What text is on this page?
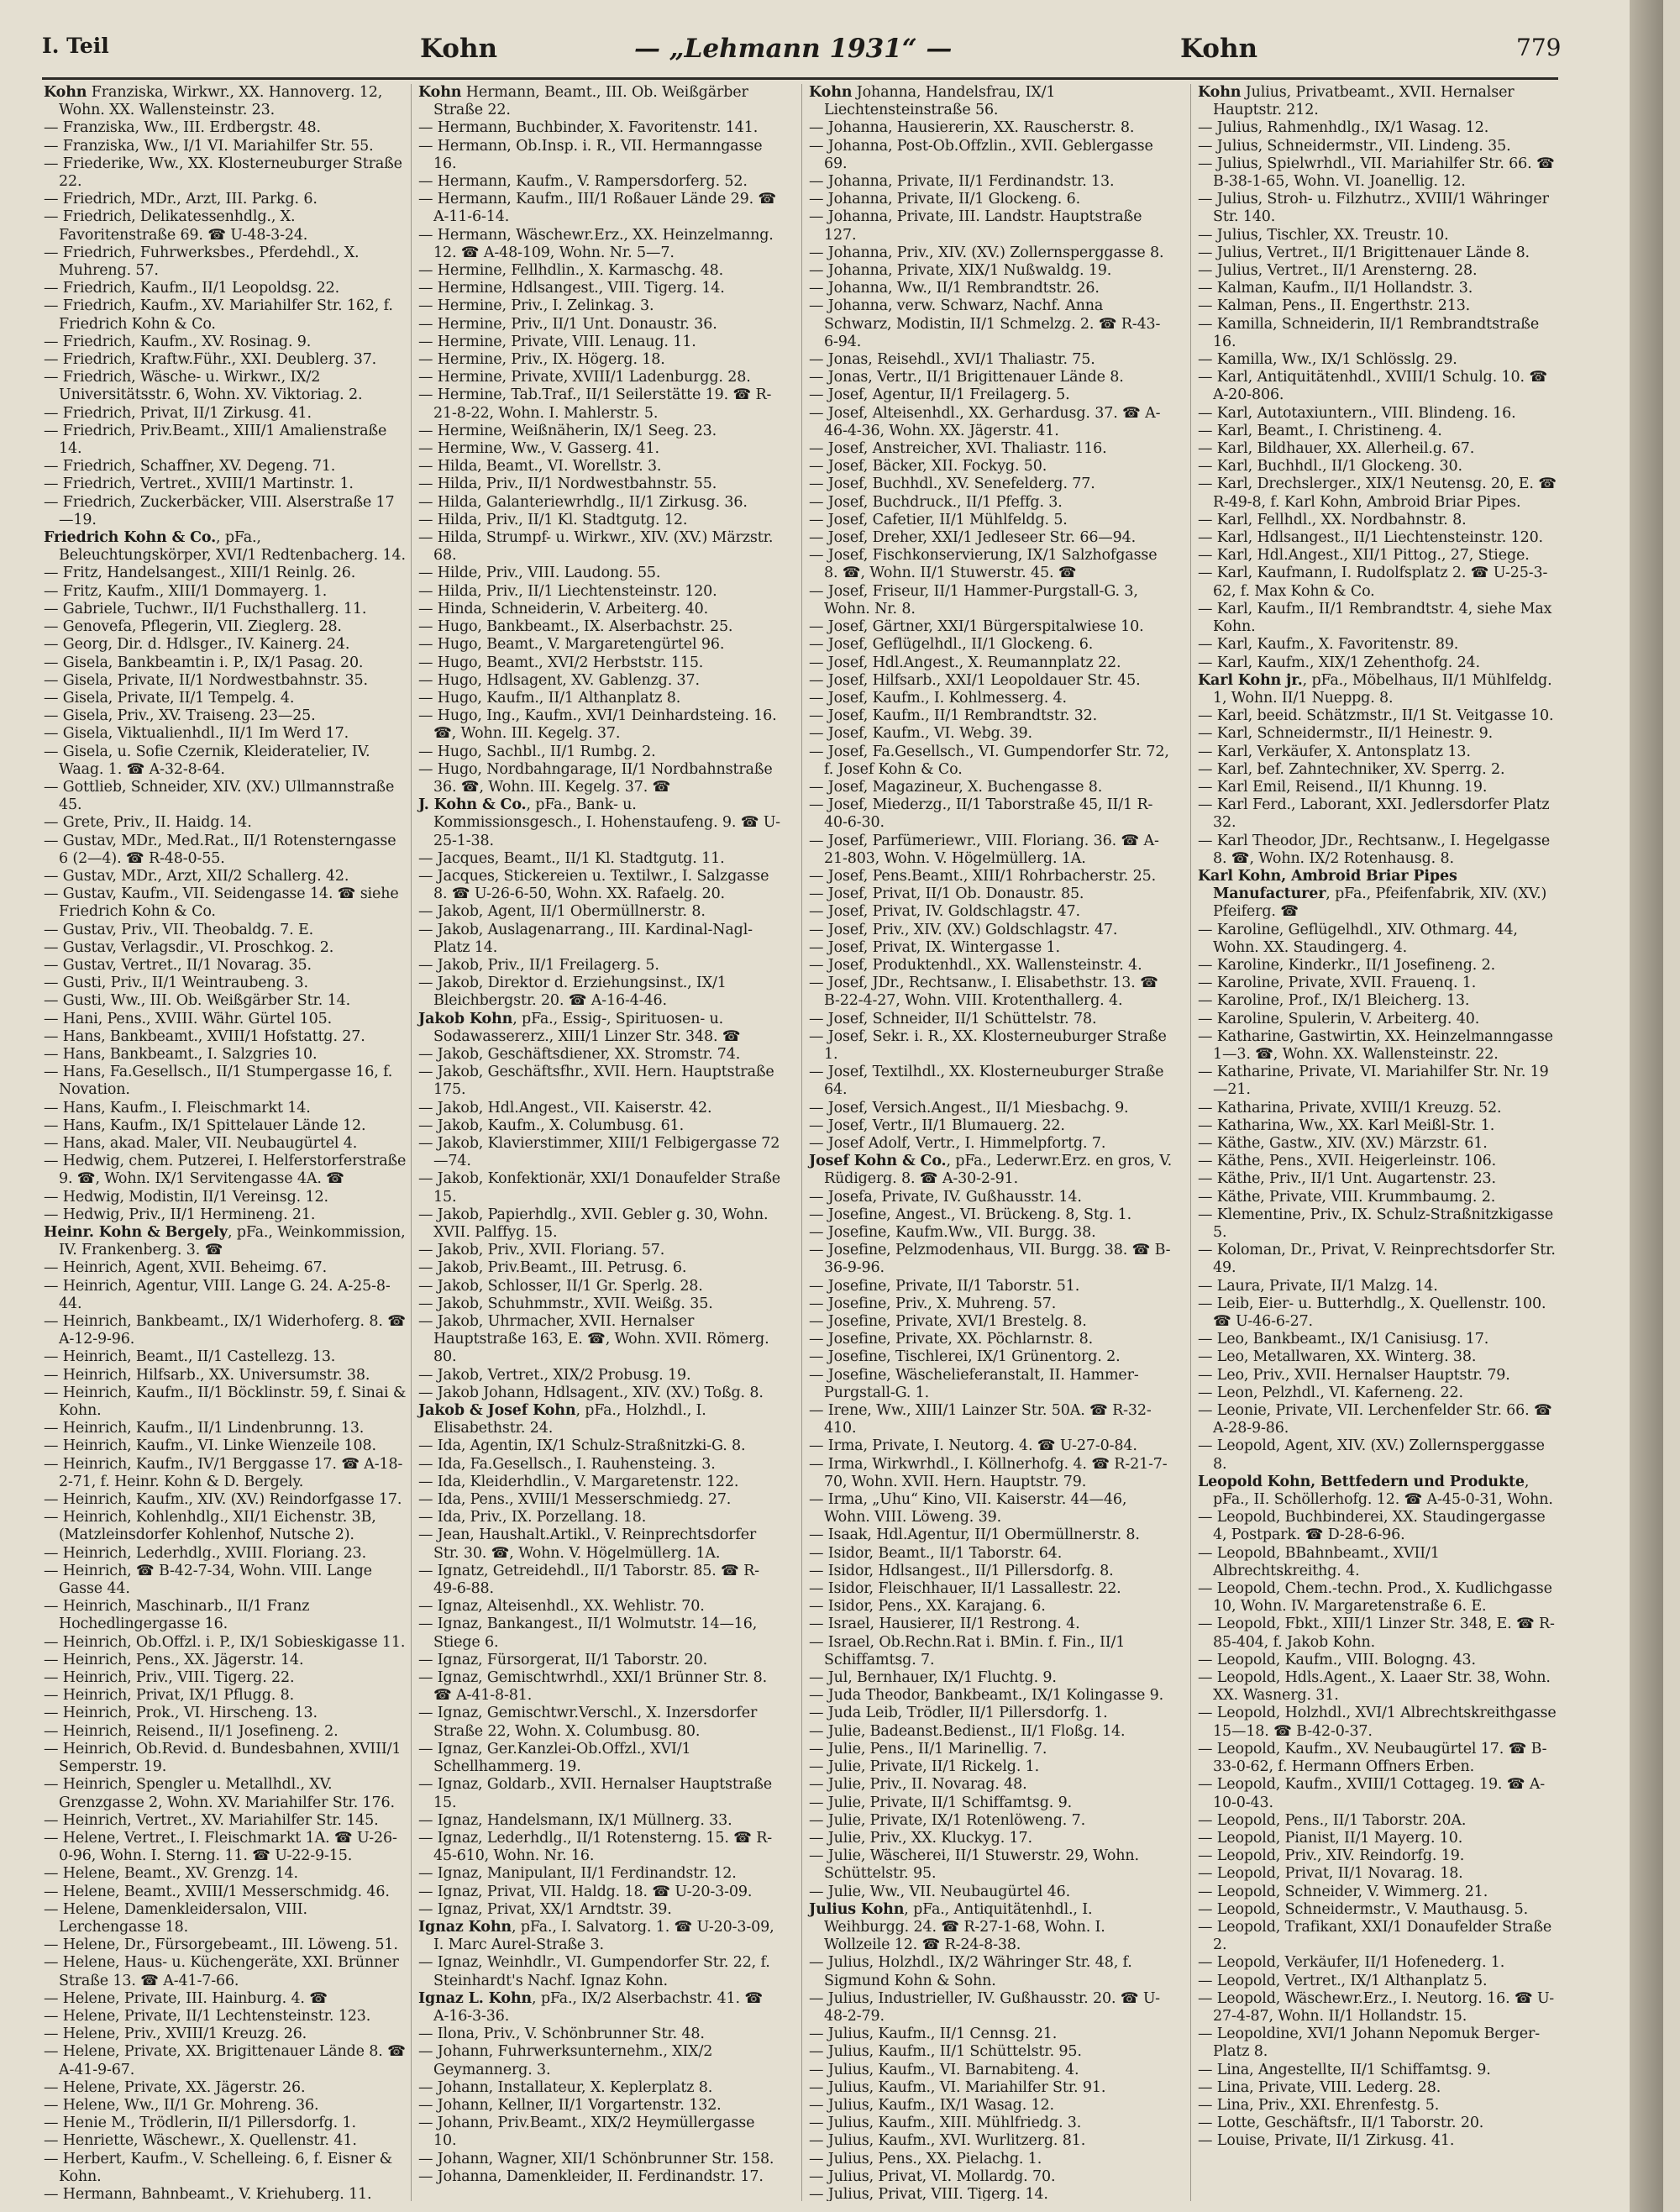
I. Teil	Kohn	— „Lehmann 1931“ —	Kohn	779

Kohn Franziska, Wirkwr., XX. Hannoverg. 12, Wohn. XX. Wallensteinstr. 23.

— Franziska, Ww., III. Erdbergstr. 48.

— Franziska, Ww., I/1 VI. Mariahilfer Str. 55.

— Friederike, Ww., XX. Klosterneuburger Straße 22.

— Friedrich, MDr., Arzt, III. Parkg. 6.

— Friedrich, Delikatessenhdlg., X. Favoritenstraße 69. ☎ U-48-3-24.

— Friedrich, Fuhrwerksbes., Pferdehdl., X. Muhreng. 57.

— Friedrich, Kaufm., II/1 Leopoldsg. 22.

— Friedrich, Kaufm., XV. Mariahilfer Str. 162, f. Friedrich Kohn & Co.

— Friedrich, Kaufm., XV. Rosinag. 9.

— Friedrich, Kraftw.Führ., XXI. Deublerg. 37.

— Friedrich, Wäsche- u. Wirkwr., IX/2 Universitätsstr. 6, Wohn. XV. Viktoriag. 2.

— Friedrich, Privat, II/1 Zirkusg. 41.

— Friedrich, Priv.Beamt., XIII/1 Amalienstraße 14.

— Friedrich, Schaffner, XV. Degeng. 71.

— Friedrich, Vertret., XVIII/1 Martinstr. 1.

— Friedrich, Zuckerbäcker, VIII. Alserstraße 17—19.

Friedrich Kohn & Co., pFa., Beleuchtungskörper, XVI/1 Redtenbacherg. 14.

— Fritz, Handelsangest., XIII/1 Reinlg. 26.

— Fritz, Kaufm., XIII/1 Dommayerg. 1.

— Gabriele, Tuchwr., II/1 Fuchsthallerg. 11.

— Genovefa, Pflegerin, VII. Zieglerg. 28.

— Georg, Dir. d. Hdlsger., IV. Kainerg. 24.

— Gisela, Bankbeamtin i. P., IX/1 Pasag. 20.

— Gisela, Private, II/1 Nordwestbahnstr. 35.

— Gisela, Private, II/1 Tempelg. 4.

— Gisela, Priv., XV. Traiseng. 23—25.

— Gisela, Viktualienhdl., II/1 Im Werd 17.

— Gisela, u. Sofie Czernik, Kleideratelier, IV. Waag. 1. ☎ A-32-8-64.

— Gottlieb, Schneider, XIV. (XV.) Ullmannstraße 45.

— Grete, Priv., II. Haidg. 14.

— Gustav, MDr., Med.Rat., II/1 Rotensterngasse 6 (2—4). ☎ R-48-0-55.

— Gustav, MDr., Arzt, XII/2 Schallerg. 42.

— Gustav, Kaufm., VII. Seidengasse 14. ☎ siehe Friedrich Kohn & Co.

— Gustav, Priv., VII. Theobaldg. 7. E.

— Gustav, Verlagsdir., VI. Proschkog. 2.

— Gustav, Vertret., II/1 Novarag. 35.

— Gusti, Priv., II/1 Weintraubeng. 3.

— Gusti, Ww., III. Ob. Weißgärber Str. 14.

— Hani, Pens., XVIII. Währ. Gürtel 105.

— Hans, Bankbeamt., XVIII/1 Hofstattg. 27.

— Hans, Bankbeamt., I. Salzgries 10.

— Hans, Fa.Gesellsch., II/1 Stumpergasse 16, f. Novation.

— Hans, Kaufm., I. Fleischmarkt 14.

— Hans, Kaufm., IX/1 Spittelauer Lände 12.

— Hans, akad. Maler, VII. Neubaugürtel 4.

— Hedwig, chem. Putzerei, I. Helferstorferstraße 9. ☎, Wohn. IX/1 Servitengasse 4A. ☎

— Hedwig, Modistin, II/1 Vereinsg. 12.

— Hedwig, Priv., II/1 Hermineng. 21.

Heinr. Kohn & Bergely, pFa., Weinkommission, IV. Frankenberg. 3. ☎

— Heinrich, Agent, XVII. Beheimg. 67.

— Heinrich, Agentur, VIII. Lange G. 24. A-25-8-44.

— Heinrich, Bankbeamt., IX/1 Widerhoferg. 8. ☎ A-12-9-96.

— Heinrich, Beamt., II/1 Castellezg. 13.

— Heinrich, Hilfsarb., XX. Universumstr. 38.

— Heinrich, Kaufm., II/1 Böcklinstr. 59, f. Sinai & Kohn.

— Heinrich, Kaufm., II/1 Lindenbrunng. 13.

— Heinrich, Kaufm., VI. Linke Wienzeile 108.

— Heinrich, Kaufm., IV/1 Berggasse 17. ☎ A-18-2-71, f. Heinr. Kohn & D. Bergely.

— Heinrich, Kaufm., XIV. (XV.) Reindorfgasse 17.

— Heinrich, Kohlenhdlg., XII/1 Eichenstr. 3B, (Matzleinsdorfer Kohlenhof, Nutsche 2).

— Heinrich, Lederhdlg., XVIII. Floriang. 23.

— Heinrich, ☎ B-42-7-34, Wohn. VIII. Lange Gasse 44.

— Heinrich, Maschinarb., II/1 Franz Hochedlingergasse 16.

— Heinrich, Ob.Offzl. i. P., IX/1 Sobieskigasse 11.

— Heinrich, Pens., XX. Jägerstr. 14.

— Heinrich, Priv., VIII. Tigerg. 22.

— Heinrich, Privat, IX/1 Pflugg. 8.

— Heinrich, Prok., VI. Hirscheng. 13.

— Heinrich, Reisend., II/1 Josefineng. 2.

— Heinrich, Ob.Revid. d. Bundesbahnen, XVIII/1 Semperstr. 19.

— Heinrich, Spengler u. Metallhdl., XV. Grenzgasse 2, Wohn. XV. Mariahilfer Str. 176.

— Heinrich, Vertret., XV. Mariahilfer Str. 145.

— Helene, Vertret., I. Fleischmarkt 1A. ☎ U-26-0-96, Wohn. I. Sterng. 11. ☎ U-22-9-15.

— Helene, Beamt., XV. Grenzg. 14.

— Helene, Beamt., XVIII/1 Messerschmidg. 46.

— Helene, Damenkleidersalon, VIII. Lerchengasse 18.

— Helene, Dr., Fürsorgebeamt., III. Löweng. 51.

— Helene, Haus- u. Küchengeräte, XXI. Brünner Straße 13. ☎ A-41-7-66.

— Helene, Private, III. Hainburg. 4. ☎

— Helene, Private, II/1 Lechtensteinstr. 123.

— Helene, Priv., XVIII/1 Kreuzg. 26.

— Helene, Private, XX. Brigittenauer Lände 8. ☎ A-41-9-67.

— Helene, Private, XX. Jägerstr. 26.

— Helene, Ww., II/1 Gr. Mohreng. 36.

— Henie M., Trödlerin, II/1 Pillersdorfg. 1.

— Henriette, Wäschewr., X. Quellenstr. 41.

— Herbert, Kaufm., V. Schelleing. 6, f. Eisner & Kohn.

— Hermann, Bahnbeamt., V. Kriehuberg. 11.

Kohn Hermann, Beamt., III. Ob. Weißgärber Straße 22.

— Hermann, Buchbinder, X. Favoritenstr. 141.

— Hermann, Ob.Insp. i. R., VII. Hermanngasse 16.

— Hermann, Kaufm., V. Rampersdorferg. 52.

— Hermann, Kaufm., III/1 Roßauer Lände 29. ☎ A-11-6-14.

— Hermann, Wäschewr.Erz., XX. Heinzelmanng. 12. ☎ A-48-109, Wohn. Nr. 5—7.

— Hermine, Fellhdlin., X. Karmaschg. 48.

— Hermine, Hdlsangest., VIII. Tigerg. 14.

— Hermine, Priv., I. Zelinkag. 3.

— Hermine, Priv., II/1 Unt. Donaustr. 36.

— Hermine, Private, VIII. Lenaug. 11.

— Hermine, Priv., IX. Högerg. 18.

— Hermine, Private, XVIII/1 Ladenburgg. 28.

— Hermine, Tab.Traf., II/1 Seilerstätte 19. ☎ R-21-8-22, Wohn. I. Mahlerstr. 5.

— Hermine, Weißnäherin, IX/1 Seeg. 23.

— Hermine, Ww., V. Gasserg. 41.

— Hilda, Beamt., VI. Worellstr. 3.

— Hilda, Priv., II/1 Nordwestbahnstr. 55.

— Hilda, Galanteriewrhdlg., II/1 Zirkusg. 36.

— Hilda, Priv., II/1 Kl. Stadtgutg. 12.

— Hilda, Strumpf- u. Wirkwr., XIV. (XV.) Märzstr. 68.

— Hilde, Priv., VIII. Laudong. 55.

— Hilda, Priv., II/1 Liechtensteinstr. 120.

— Hinda, Schneiderin, V. Arbeiterg. 40.

— Hugo, Bankbeamt., IX. Alserbachstr. 25.

— Hugo, Beamt., V. Margaretengürtel 96.

— Hugo, Beamt., XVI/2 Herbststr. 115.

— Hugo, Hdlsagent, XV. Gablenzg. 37.

— Hugo, Kaufm., II/1 Althanplatz 8.

— Hugo, Ing., Kaufm., XVI/1 Deinhardsteing. 16. ☎, Wohn. III. Kegelg. 37.

— Hugo, Sachbl., II/1 Rumbg. 2.

— Hugo, Nordbahngarage, II/1 Nordbahnstraße 36. ☎, Wohn. III. Kegelg. 37. ☎

J. Kohn & Co., pFa., Bank- u. Kommissionsgesch., I. Hohenstaufeng. 9. ☎ U-25-1-38.

— Jacques, Beamt., II/1 Kl. Stadtgutg. 11.

— Jacques, Stickereien u. Textilwr., I. Salzgasse 8. ☎ U-26-6-50, Wohn. XX. Rafaelg. 20.

— Jakob, Agent, II/1 Obermüllnerstr. 8.

— Jakob, Auslagenarrang., III. Kardinal-Nagl-Platz 14.

— Jakob, Priv., II/1 Freilagerg. 5.

— Jakob, Direktor d. Erziehungsinst., IX/1 Bleichbergstr. 20. ☎ A-16-4-46.

Jakob Kohn, pFa., Essig-, Spirituosen- u. Sodawassererz., XIII/1 Linzer Str. 348. ☎

— Jakob, Geschäftsdiener, XX. Stromstr. 74.

— Jakob, Geschäftsfhr., XVII. Hern. Hauptstraße 175.

— Jakob, Hdl.Angest., VII. Kaiserstr. 42.

— Jakob, Kaufm., X. Columbusg. 61.

— Jakob, Klavierstimmer, XIII/1 Felbigergasse 72—74.

— Jakob, Konfektionär, XXI/1 Donaufelder Straße 15.

— Jakob, Papierhdlg., XVII. Gebler g. 30, Wohn. XVII. Palffyg. 15.

— Jakob, Priv., XVII. Floriang. 57.

— Jakob, Priv.Beamt., III. Petrusg. 6.

— Jakob, Schlosser, II/1 Gr. Sperlg. 28.

— Jakob, Schuhmmstr., XVII. Weißg. 35.

— Jakob, Uhrmacher, XVII. Hernalser Hauptstraße 163, E. ☎, Wohn. XVII. Römerg. 80.

— Jakob, Vertret., XIX/2 Probusg. 19.

— Jakob Johann, Hdlsagent., XIV. (XV.) Toßg. 8.

Jakob & Josef Kohn, pFa., Holzhdl., I. Elisabethstr. 24.

— Ida, Agentin, IX/1 Schulz-Straßnitzki-G. 8.

— Ida, Fa.Gesellsch., I. Rauhensteing. 3.

— Ida, Kleiderhdlin., V. Margaretenstr. 122.

— Ida, Pens., XVIII/1 Messerschmiedg. 27.

— Ida, Priv., IX. Porzellang. 18.

— Jean, Haushalt.Artikl., V. Reinprechtsdorfer Str. 30. ☎, Wohn. V. Högelmüllerg. 1A.

— Ignatz, Getreidehdl., II/1 Taborstr. 85. ☎ R-49-6-88.

— Ignaz, Alteisenhdl., XX. Wehlistr. 70.

— Ignaz, Bankangest., II/1 Wolmutstr. 14—16, Stiege 6.

— Ignaz, Fürsorgerat, II/1 Taborstr. 20.

— Ignaz, Gemischtwrhdl., XXI/1 Brünner Str. 8. ☎ A-41-8-81.

— Ignaz, Gemischtwr.Verschl., X. Inzersdorfer Straße 22, Wohn. X. Columbusg. 80.

— Ignaz, Ger.Kanzlei-Ob.Offzl., XVI/1 Schellhammerg. 19.

— Ignaz, Goldarb., XVII. Hernalser Hauptstraße 15.

— Ignaz, Handelsmann, IX/1 Müllnerg. 33.

— Ignaz, Lederhdlg., II/1 Rotensterng. 15. ☎ R-45-610, Wohn. Nr. 16.

— Ignaz, Manipulant, II/1 Ferdinandstr. 12.

— Ignaz, Privat, VII. Haldg. 18. ☎ U-20-3-09.

— Ignaz, Privat, XX/1 Arndtstr. 39.

Ignaz Kohn, pFa., I. Salvatorg. 1. ☎ U-20-3-09, I. Marc Aurel-Straße 3.

— Ignaz, Weinhdlr., VI. Gumpendorfer Str. 22, f. Steinhardt's Nachf. Ignaz Kohn.

Ignaz L. Kohn, pFa., IX/2 Alserbachstr. 41. ☎ A-16-3-36.

— Ilona, Priv., V. Schönbrunner Str. 48.

— Johann, Fuhrwerksunternehm., XIX/2 Geymannerg. 3.

— Johann, Installateur, X. Keplerplatz 8.

— Johann, Kellner, II/1 Vorgartenstr. 132.

— Johann, Priv.Beamt., XIX/2 Heymüllergasse 10.

— Johann, Wagner, XII/1 Schönbrunner Str. 158.

— Johanna, Damenkleider, II. Ferdinandstr. 17.

Kohn Johanna, Handelsfrau, IX/1 Liechtensteinstraße 56.

— Johanna, Hausiererin, XX. Rauscherstr. 8.

— Johanna, Post-Ob.Offzlin., XVII. Geblergasse 69.

— Johanna, Private, II/1 Ferdinandstr. 13.

— Johanna, Private, II/1 Glockeng. 6.

— Johanna, Private, III. Landstr. Hauptstraße 127.

— Johanna, Priv., XIV. (XV.) Zollernsperggasse 8.

— Johanna, Private, XIX/1 Nußwaldg. 19.

— Johanna, Ww., II/1 Rembrandtstr. 26.

— Johanna, verw. Schwarz, Nachf. Anna Schwarz, Modistin, II/1 Schmelzg. 2. ☎ R-43-6-94.

— Jonas, Reisehdl., XVI/1 Thaliastr. 75.

— Jonas, Vertr., II/1 Brigittenauer Lände 8.

— Josef, Agentur, II/1 Freilagerg. 5.

— Josef, Alteisenhdl., XX. Gerhardusg. 37. ☎ A-46-4-36, Wohn. XX. Jägerstr. 41.

— Josef, Anstreicher, XVI. Thaliastr. 116.

— Josef, Bäcker, XII. Fockyg. 50.

— Josef, Buchhdl., XV. Senefelderg. 77.

— Josef, Buchdruck., II/1 Pfeffg. 3.

— Josef, Cafetier, II/1 Mühlfeldg. 5.

— Josef, Dreher, XXI/1 Jedleseer Str. 66—94.

— Josef, Fischkonservierung, IX/1 Salzhofgasse 8. ☎, Wohn. II/1 Stuwerstr. 45. ☎

— Josef, Friseur, II/1 Hammer-Purgstall-G. 3, Wohn. Nr. 8.

— Josef, Gärtner, XXI/1 Bürgerspitalwiese 10.

— Josef, Geflügelhdl., II/1 Glockeng. 6.

— Josef, Hdl.Angest., X. Reumannplatz 22.

— Josef, Hilfsarb., XXI/1 Leopoldauer Str. 45.

— Josef, Kaufm., I. Kohlmesserg. 4.

— Josef, Kaufm., II/1 Rembrandtstr. 32.

— Josef, Kaufm., VI. Webg. 39.

— Josef, Fa.Gesellsch., VI. Gumpendorfer Str. 72, f. Josef Kohn & Co.

— Josef, Magazineur, X. Buchengasse 8.

— Josef, Miederzg., II/1 Taborstraße 45, II/1 R-40-6-30.

— Josef, Parfümeriewr., VIII. Floriang. 36. ☎ A-21-803, Wohn. V. Högelmüllerg. 1A.

— Josef, Pens.Beamt., XIII/1 Rohrbacherstr. 25.

— Josef, Privat, II/1 Ob. Donaustr. 85.

— Josef, Privat, IV. Goldschlagstr. 47.

— Josef, Priv., XIV. (XV.) Goldschlagstr. 47.

— Josef, Privat, IX. Wintergasse 1.

— Josef, Produktenhdl., XX. Wallensteinstr. 4.

— Josef, JDr., Rechtsanw., I. Elisabethstr. 13. ☎ B-22-4-27, Wohn. VIII. Krotenthallerg. 4.

— Josef, Schneider, II/1 Schüttelstr. 78.

— Josef, Sekr. i. R., XX. Klosterneuburger Straße 1.

— Josef, Textilhdl., XX. Klosterneuburger Straße 64.

— Josef, Versich.Angest., II/1 Miesbachg. 9.

— Josef, Vertr., II/1 Blumauerg. 22.

— Josef Adolf, Vertr., I. Himmelpfortg. 7.

Josef Kohn & Co., pFa., Lederwr.Erz. en gros, V. Rüdigerg. 8. ☎ A-30-2-91.

— Josefa, Private, IV. Gußhausstr. 14.

— Josefine, Angest., VI. Brückeng. 8, Stg. 1.

— Josefine, Kaufm.Ww., VII. Burgg. 38.

— Josefine, Pelzmodenhaus, VII. Burgg. 38. ☎ B-36-9-96.

— Josefine, Private, II/1 Taborstr. 51.

— Josefine, Priv., X. Muhreng. 57.

— Josefine, Private, XVI/1 Brestelg. 8.

— Josefine, Private, XX. Pöchlarnstr. 8.

— Josefine, Tischlerei, IX/1 Grünentorg. 2.

— Josefine, Wäschelieferanstalt, II. Hammer-Purgstall-G. 1.

— Irene, Ww., XIII/1 Lainzer Str. 50A. ☎ R-32-410.

— Irma, Private, I. Neutorg. 4. ☎ U-27-0-84.

— Irma, Wirkwrhdl., I. Köllnerhofg. 4. ☎ R-21-7-70, Wohn. XVII. Hern. Hauptstr. 79.

— Irma, „Uhu“ Kino, VII. Kaiserstr. 44—46, Wohn. VIII. Löweng. 39.

— Isaak, Hdl.Agentur, II/1 Obermüllnerstr. 8.

— Isidor, Beamt., II/1 Taborstr. 64.

— Isidor, Hdlsangest., II/1 Pillersdorfg. 8.

— Isidor, Fleischhauer, II/1 Lassallestr. 22.

— Isidor, Pens., XX. Karajang. 6.

— Israel, Hausierer, II/1 Restrong. 4.

— Israel, Ob.Rechn.Rat i. BMin. f. Fin., II/1 Schiffamtsg. 7.

— Jul, Bernhauer, IX/1 Fluchtg. 9.

— Juda Theodor, Bankbeamt., IX/1 Kolingasse 9.

— Juda Leib, Trödler, II/1 Pillersdorfg. 1.

— Julie, Badeanst.Bedienst., II/1 Floßg. 14.

— Julie, Pens., II/1 Marinellig. 7.

— Julie, Private, II/1 Rickelg. 1.

— Julie, Priv., II. Novarag. 48.

— Julie, Private, II/1 Schiffamtsg. 9.

— Julie, Private, IX/1 Rotenlöweng. 7.

— Julie, Priv., XX. Kluckyg. 17.

— Julie, Wäscherei, II/1 Stuwerstr. 29, Wohn. Schüttelstr. 95.

— Julie, Ww., VII. Neubaugürtel 46.

Julius Kohn, pFa., Antiquitätenhdl., I. Weihburgg. 24. ☎ R-27-1-68, Wohn. I. Wollzeile 12. ☎ R-24-8-38.

— Julius, Holzhdl., IX/2 Währinger Str. 48, f. Sigmund Kohn & Sohn.

— Julius, Industrieller, IV. Gußhausstr. 20. ☎ U-48-2-79.

— Julius, Kaufm., II/1 Cennsg. 21.

— Julius, Kaufm., II/1 Schüttelstr. 95.

— Julius, Kaufm., VI. Barnabiteng. 4.

— Julius, Kaufm., VI. Mariahilfer Str. 91.

— Julius, Kaufm., IX/1 Wasag. 12.

— Julius, Kaufm., XIII. Mühlfriedg. 3.

— Julius, Kaufm., XVI. Wurlitzerg. 81.

— Julius, Pens., XX. Pielachg. 1.

— Julius, Privat, VI. Mollardg. 70.

— Julius, Privat, VIII. Tigerg. 14.

Kohn Julius, Privatbeamt., XVII. Hernalser Hauptstr. 212.

— Julius, Rahmenhdlg., IX/1 Wasag. 12.

— Julius, Schneidermstr., VII. Lindeng. 35.

— Julius, Spielwrhdl., VII. Mariahilfer Str. 66. ☎ B-38-1-65, Wohn. VI. Joanellig. 12.

— Julius, Stroh- u. Filzhutrz., XVIII/1 Währinger Str. 140.

— Julius, Tischler, XX. Treustr. 10.

— Julius, Vertret., II/1 Brigittenauer Lände 8.

— Julius, Vertret., II/1 Arensterng. 28.

— Kalman, Kaufm., II/1 Hollandstr. 3.

— Kalman, Pens., II. Engerthstr. 213.

— Kamilla, Schneiderin, II/1 Rembrandtstraße 16.

— Kamilla, Ww., IX/1 Schlösslg. 29.

— Karl, Antiquitätenhdl., XVIII/1 Schulg. 10. ☎ A-20-806.

— Karl, Autotaxiuntern., VIII. Blindeng. 16.

— Karl, Beamt., I. Christineng. 4.

— Karl, Bildhauer, XX. Allerheil.g. 67.

— Karl, Buchhdl., II/1 Glockeng. 30.

— Karl, Drechslerger., XIX/1 Neutensg. 20, E. ☎ R-49-8, f. Karl Kohn, Ambroid Briar Pipes.

— Karl, Fellhdl., XX. Nordbahnstr. 8.

— Karl, Hdlsangest., II/1 Liechtensteinstr. 120.

— Karl, Hdl.Angest., XII/1 Pittog., 27, Stiege.

— Karl, Kaufmann, I. Rudolfsplatz 2. ☎ U-25-3-62, f. Max Kohn & Co.

— Karl, Kaufm., II/1 Rembrandtstr. 4, siehe Max Kohn.

— Karl, Kaufm., X. Favoritenstr. 89.

— Karl, Kaufm., XIX/1 Zehenthofg. 24.

Karl Kohn jr., pFa., Möbelhaus, II/1 Mühlfeldg. 1, Wohn. II/1 Nueppg. 8.

— Karl, beeid. Schätzmstr., II/1 St. Veitgasse 10.

— Karl, Schneidermstr., II/1 Heinestr. 9.

— Karl, Verkäufer, X. Antonsplatz 13.

— Karl, bef. Zahntechniker, XV. Sperrg. 2.

— Karl Emil, Reisend., II/1 Khunng. 19.

— Karl Ferd., Laborant, XXI. Jedlersdorfer Platz 32.

— Karl Theodor, JDr., Rechtsanw., I. Hegelgasse 8. ☎, Wohn. IX/2 Rotenhausg. 8.

Karl Kohn, Ambroid Briar Pipes Manufacturer, pFa., Pfeifenfabrik, XIV. (XV.) Pfeiferg. ☎

— Karoline, Geflügelhdl., XIV. Othmarg. 44, Wohn. XX. Staudingerg. 4.

— Karoline, Kinderkr., II/1 Josefineng. 2.

— Karoline, Private, XVII. Frauenq. 1.

— Karoline, Prof., IX/1 Bleicherg. 13.

— Karoline, Spulerin, V. Arbeiterg. 40.

— Katharine, Gastwirtin, XX. Heinzelmanngasse 1—3. ☎, Wohn. XX. Wallensteinstr. 22.

— Katharine, Private, VI. Mariahilfer Str. Nr. 19—21.

— Katharina, Private, XVIII/1 Kreuzg. 52.

— Katharina, Ww., XX. Karl Meißl-Str. 1.

— Käthe, Gastw., XIV. (XV.) Märzstr. 61.

— Käthe, Pens., XVII. Heigerleinstr. 106.

— Käthe, Priv., II/1 Unt. Augartenstr. 23.

— Käthe, Private, VIII. Krummbaumg. 2.

— Klementine, Priv., IX. Schulz-Straßnitzkigasse 5.

— Koloman, Dr., Privat, V. Reinprechtsdorfer Str. 49.

— Laura, Private, II/1 Malzg. 14.

— Leib, Eier- u. Butterhdlg., X. Quellenstr. 100. ☎ U-46-6-27.

— Leo, Bankbeamt., IX/1 Canisiusg. 17.

— Leo, Metallwaren, XX. Winterg. 38.

— Leo, Priv., XVII. Hernalser Hauptstr. 79.

— Leon, Pelzhdl., VI. Kaferneng. 22.

— Leonie, Private, VII. Lerchenfelder Str. 66. ☎ A-28-9-86.

— Leopold, Agent, XIV. (XV.) Zollernsperggasse 8.

Leopold Kohn, Bettfedern und Produkte, pFa., II. Schöllerhofg. 12. ☎ A-45-0-31, Wohn.

— Leopold, Buchbinderei, XX. Staudingergasse 4, Postpark. ☎ D-28-6-96.

— Leopold, BBahnbeamt., XVII/1 Albrechtskreithg. 4.

— Leopold, Chem.-techn. Prod., X. Kudlichgasse 10, Wohn. IV. Margaretenstraße 6. E.

— Leopold, Fbkt., XIII/1 Linzer Str. 348, E. ☎ R-85-404, f. Jakob Kohn.

— Leopold, Kaufm., VIII. Bologng. 43.

— Leopold, Hdls.Agent., X. Laaer Str. 38, Wohn. XX. Wasnerg. 31.

— Leopold, Holzhdl., XVI/1 Albrechtskreithgasse 15—18. ☎ B-42-0-37.

— Leopold, Kaufm., XV. Neubaugürtel 17. ☎ B-33-0-62, f. Hermann Offners Erben.

— Leopold, Kaufm., XVIII/1 Cottageg. 19. ☎ A-10-0-43.

— Leopold, Pens., II/1 Taborstr. 20A.

— Leopold, Pianist, II/1 Mayerg. 10.

— Leopold, Priv., XIV. Reindorfg. 19.

— Leopold, Privat, II/1 Novarag. 18.

— Leopold, Schneider, V. Wimmerg. 21.

— Leopold, Schneidermstr., V. Mauthausg. 5.

— Leopold, Trafikant, XXI/1 Donaufelder Straße 2.

— Leopold, Verkäufer, II/1 Hofenederg. 1.

— Leopold, Vertret., IX/1 Althanplatz 5.

— Leopold, Wäschewr.Erz., I. Neutorg. 16. ☎ U-27-4-87, Wohn. II/1 Hollandstr. 15.

— Leopoldine, XVI/1 Johann Nepomuk Berger-Platz 8.

— Lina, Angestellte, II/1 Schiffamtsg. 9.

— Lina, Private, VIII. Lederg. 28.

— Lina, Priv., XXI. Ehrenfestg. 5.

— Lotte, Geschäftsfr., II/1 Taborstr. 20.

— Louise, Private, II/1 Zirkusg. 41.
